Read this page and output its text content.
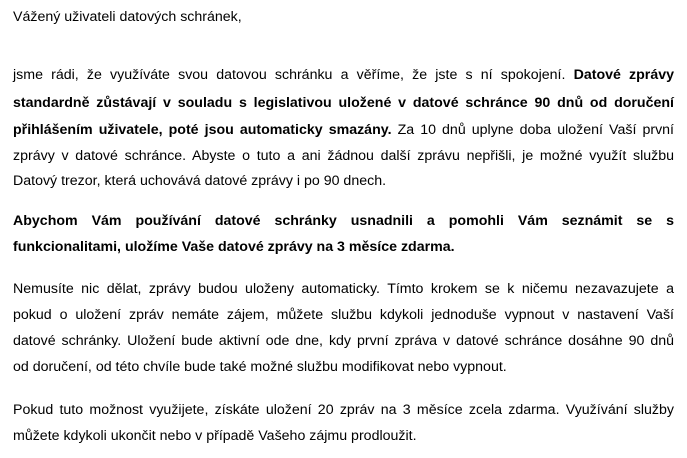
Vážený uživateli datových schránek,
jsme rádi, že využíváte svou datovou schránku a věříme, že jste s ní spokojení. Datové zprávy
standardně zůstávají v souladu s legislativou uložené v datové schránce 90 dnů od doručení
přihlášením uživatele, poté jsou automaticky smazány. Za 10 dnů uplyne doba uložení Vaší první
zprávy v datové schránce. Abyste o tuto a ani žádnou další zprávu nepřišli, je možné využít službu
Datový trezor, která uchovává datové zprávy i po 90 dnech.
Abychom Vám používání datové schránky usnadnili a pomohli Vám seznámit se s
funkcionalitami, uložíme Vaše datové zprávy na 3 měsíce zdarma.
Nemusíte nic dělat, zprávy budou uloženy automaticky. Tímto krokem se k ničemu nezavazujete a
pokud o uložení zpráv nemáte zájem, můžete službu kdykoli jednoduše vypnout v nastavení Vaší
datové schránky. Uložení bude aktivní ode dne, kdy první zpráva v datové schránce dosáhne 90 dnů
od doručení, od této chvíle bude také možné službu modifikovat nebo vypnout.
Pokud tuto možnost využijete, získáte uložení 20 zpráv na 3 měsíce zcela zdarma. Využívání služby
můžete kdykoli ukončit nebo v případě Vašeho zájmu prodloužit.
